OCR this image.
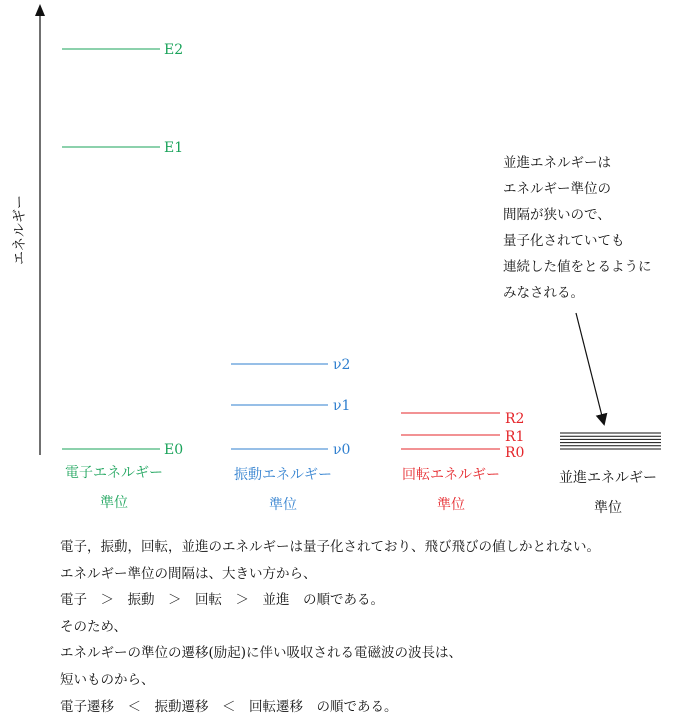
エネルギー
E2
E1
E0
ν2
ν1
ν0
R2
R1
R0
電子エネルギー
準位
振動エネルギー
準位
回転エネルギー
準位
並進エネルギー
準位
並進エネルギーは
エネルギー準位の
間隔が狭いので、
量子化されていても
連続した値をとるように
みなされる。
電子，振動，回転，並進のエネルギーは量子化されており、飛び飛びの値しかとれない。
エネルギー準位の間隔は、大きい方から、
電子　＞　振動　＞　回転　＞　並進　の順である。
そのため、
エネルギーの準位の遷移(励起)に伴い吸収される電磁波の波長は、
短いものから、
電子遷移　＜　振動遷移　＜　回転遷移　の順である。
